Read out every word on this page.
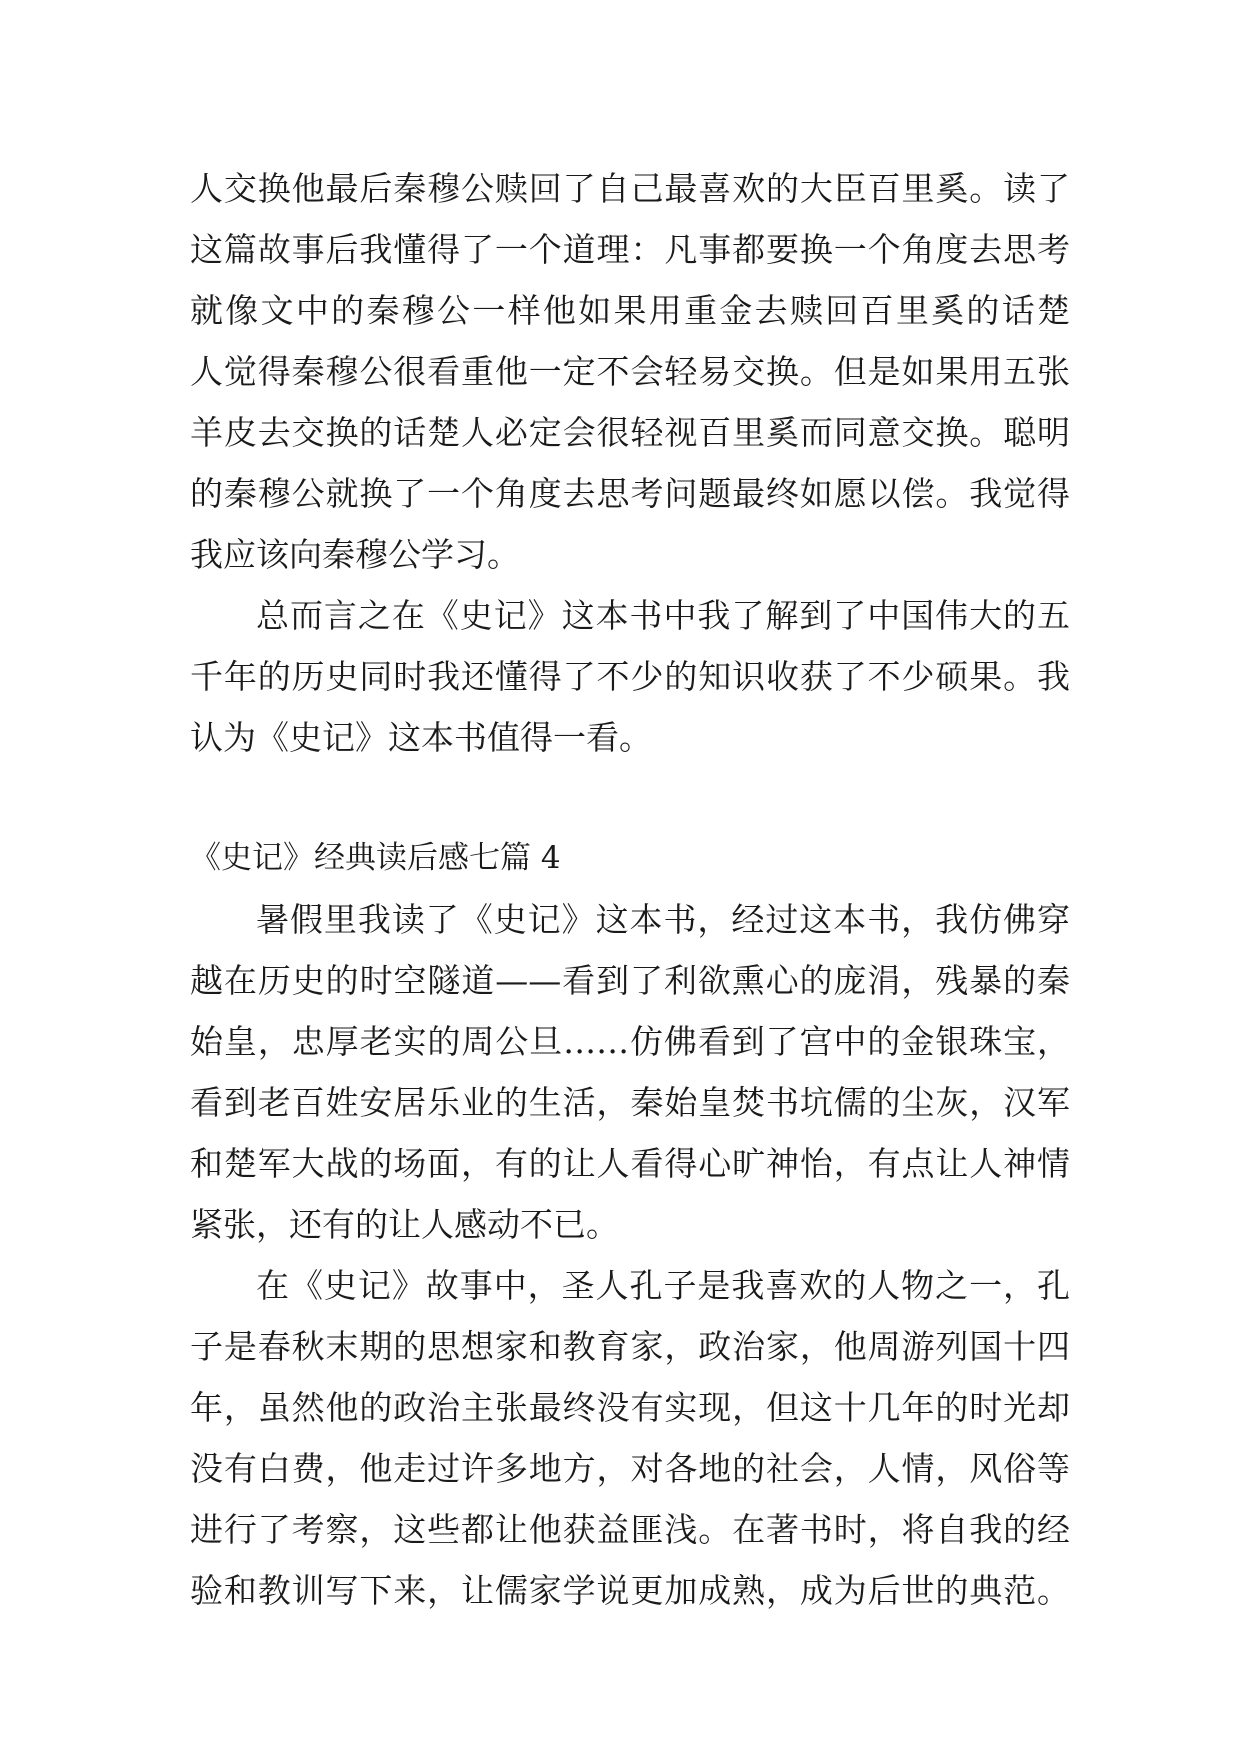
人交换他最后秦穆公赎回了自己最喜欢的大臣百里奚。读了
这篇故事后我懂得了一个道理：凡事都要换一个角度去思考
就像文中的秦穆公一样他如果用重金去赎回百里奚的话楚
人觉得秦穆公很看重他一定不会轻易交换。但是如果用五张
羊皮去交换的话楚人必定会很轻视百里奚而同意交换。聪明
的秦穆公就换了一个角度去思考问题最终如愿以偿。我觉得
我应该向秦穆公学习。
总而言之在《史记》这本书中我了解到了中国伟大的五
千年的历史同时我还懂得了不少的知识收获了不少硕果。我
认为《史记》这本书值得一看。
《史记》经典读后感七篇 4
暑假里我读了《史记》这本书，经过这本书，我仿佛穿
越在历史的时空隧道——看到了利欲熏心的庞涓，残暴的秦
始皇，忠厚老实的周公旦……仿佛看到了宫中的金银珠宝，
看到老百姓安居乐业的生活，秦始皇焚书坑儒的尘灰，汉军
和楚军大战的场面，有的让人看得心旷神怡，有点让人神情
紧张，还有的让人感动不已。
在《史记》故事中，圣人孔子是我喜欢的人物之一，孔
子是春秋末期的思想家和教育家，政治家，他周游列国十四
年，虽然他的政治主张最终没有实现，但这十几年的时光却
没有白费，他走过许多地方，对各地的社会，人情，风俗等
进行了考察，这些都让他获益匪浅。在著书时，将自我的经
验和教训写下来，让儒家学说更加成熟，成为后世的典范。
